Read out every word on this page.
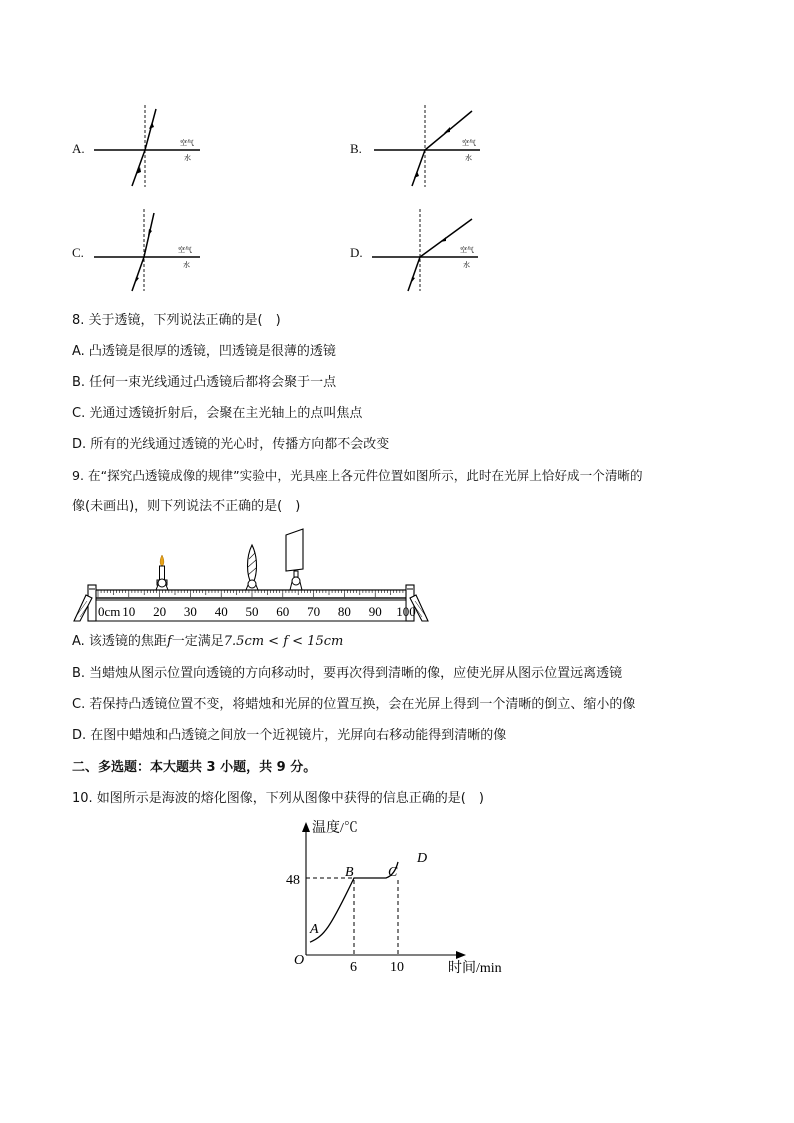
A.	空气
水
B.	空气
水
C.	空气
水
D.	空气
水
8. 关于透镜，下列说法正确的是(　)
A. 凸透镜是很厚的透镜，凹透镜是很薄的透镜
B. 任何一束光线通过凸透镜后都将会聚于一点
C. 光通过透镜折射后，会聚在主光轴上的点叫焦点
D. 所有的光线通过透镜的光心时，传播方向都不会改变
9. 在“探究凸透镜成像的规律”实验中，光具座上各元件位置如图所示，此时在光屏上恰好成一个清晰的
像(未画出)，则下列说法不正确的是(　)
0cm 10 20 30 40 50 60 70 80 90 100
A. 该透镜的焦距f一定满足7.5cm < f < 15cm
B. 当蜡烛从图示位置向透镜的方向移动时，要再次得到清晰的像，应使光屏从图示位置远离透镜
C. 若保持凸透镜位置不变，将蜡烛和光屏的位置互换，会在光屏上得到一个清晰的倒立、缩小的像
D. 在图中蜡烛和凸透镜之间放一个近视镜片，光屏向右移动能得到清晰的像
二、多选题：本大题共 3 小题，共 9 分。
10. 如图所示是海波的熔化图像，下列从图像中获得的信息正确的是(　)
温度/℃
时间/min
O
48
6 10
A
B C
D
